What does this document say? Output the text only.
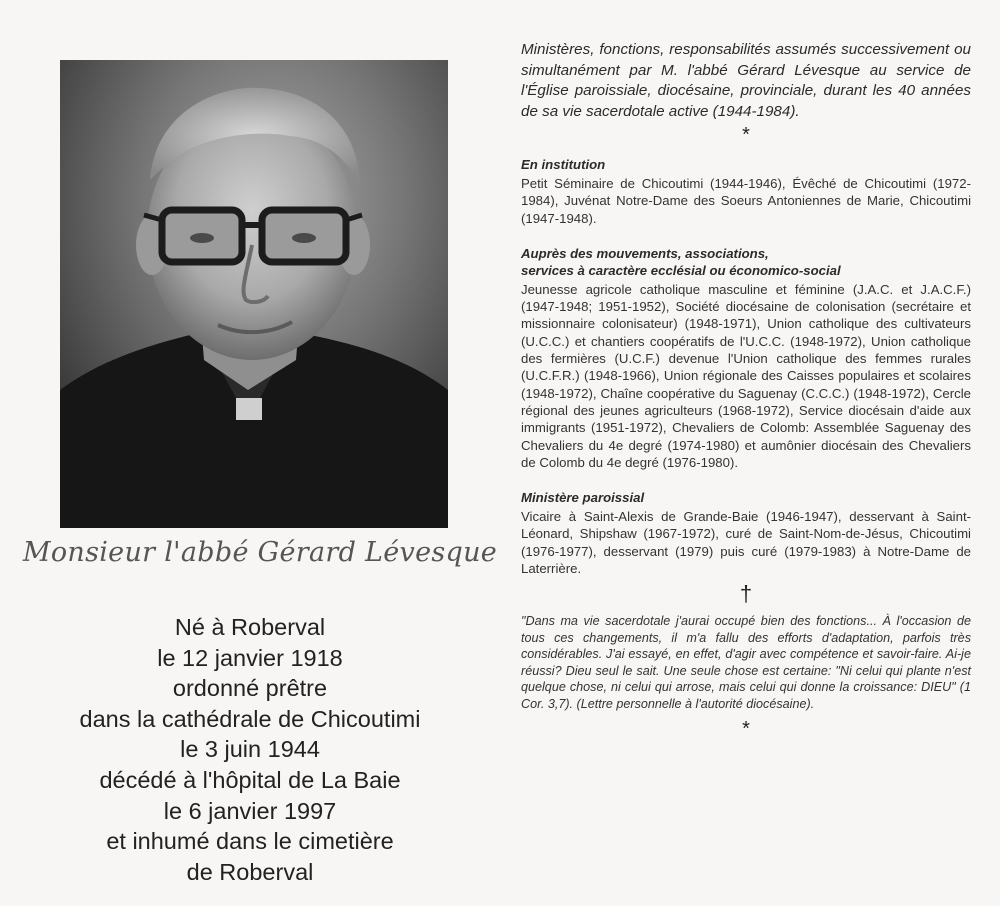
Monsieur l'abbé Gérard Lévesque
Né à Roberval
le 12 janvier 1918
ordonné prêtre
dans la cathédrale de Chicoutimi
le 3 juin 1944
décédé à l'hôpital de La Baie
le 6 janvier 1997
et inhumé dans le cimetière
de Roberval

Ministères, fonctions, responsabilités assumés successivement ou simultanément par M. l'abbé Gérard Lévesque au service de l'Église paroissiale, diocésaine, provinciale, durant les 40 années de sa vie sacerdotale active (1944-1984).

*

En institution

Petit Séminaire de Chicoutimi (1944-1946), Évêché de Chicoutimi (1972-1984), Juvénat Notre-Dame des Soeurs Antoniennes de Marie, Chicoutimi (1947-1948).

Auprès des mouvements, associations,

services à caractère ecclésial ou économico-social

Jeunesse agricole catholique masculine et féminine (J.A.C. et J.A.C.F.) (1947-1948; 1951-1952), Société diocésaine de colonisation (secrétaire et missionnaire colonisateur) (1948-1971), Union catholique des cultivateurs (U.C.C.) et chantiers coopératifs de l'U.C.C. (1948-1972), Union catholique des fermières (U.C.F.) devenue l'Union catholique des femmes rurales (U.C.F.R.) (1948-1966), Union régionale des Caisses populaires et scolaires (1948-1972), Chaîne coopérative du Saguenay (C.C.C.) (1948-1972), Cercle régional des jeunes agriculteurs (1968-1972), Service diocésain d'aide aux immigrants (1951-1972), Chevaliers de Colomb: Assemblée Saguenay des Chevaliers du 4e degré (1974-1980) et aumônier diocésain des Chevaliers de Colomb du 4e degré (1976-1980).

Ministère paroissial

Vicaire à Saint-Alexis de Grande-Baie (1946-1947), desservant à Saint-Léonard, Shipshaw (1967-1972), curé de Saint-Nom-de-Jésus, Chicoutimi (1976-1977), desservant (1979) puis curé (1979-1983) à Notre-Dame de Laterrière.

†

"Dans ma vie sacerdotale j'aurai occupé bien des fonctions... À l'occasion de tous ces changements, il m'a fallu des efforts d'adaptation, parfois très considérables. J'ai essayé, en effet, d'agir avec compétence et savoir-faire. Ai-je réussi? Dieu seul le sait. Une seule chose est certaine: "Ni celui qui plante n'est quelque chose, ni celui qui arrose, mais celui qui donne la croissance: DIEU" (1 Cor. 3,7). (Lettre personnelle à l'autorité diocésaine).

*
